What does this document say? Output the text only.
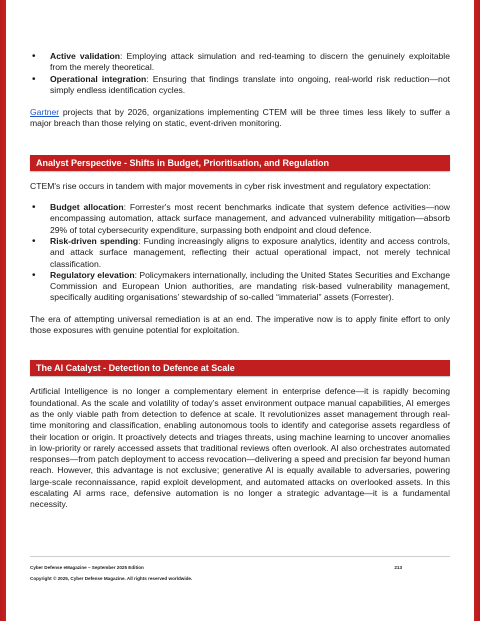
• Active validation: Employing attack simulation and red-teaming to discern the genuinely exploitable from the merely theoretical.
• Operational integration: Ensuring that findings translate into ongoing, real-world risk reduction—not simply endless identification cycles.

Gartner projects that by 2026, organizations implementing CTEM will be three times less likely to suffer a major breach than those relying on static, event-driven monitoring.

Analyst Perspective - Shifts in Budget, Prioritisation, and Regulation

CTEM's rise occurs in tandem with major movements in cyber risk investment and regulatory expectation:

• Budget allocation: Forrester's most recent benchmarks indicate that system defence activities—now encompassing automation, attack surface management, and advanced vulnerability mitigation—absorb 29% of total cybersecurity expenditure, surpassing both endpoint and cloud defence.
• Risk-driven spending: Funding increasingly aligns to exposure analytics, identity and access controls, and attack surface management, reflecting their actual operational impact, not merely technical classification.
• Regulatory elevation: Policymakers internationally, including the United States Securities and Exchange Commission and European Union authorities, are mandating risk-based vulnerability management, specifically auditing organisations’ stewardship of so-called “immaterial” assets (Forrester).

The era of attempting universal remediation is at an end. The imperative now is to apply finite effort to only those exposures with genuine potential for exploitation.

The AI Catalyst - Detection to Defence at Scale

Artificial Intelligence is no longer a complementary element in enterprise defence—it is rapidly becoming foundational. As the scale and volatility of today’s asset environment outpace manual capabilities, AI emerges as the only viable path from detection to defence at scale. It revolutionizes asset management through real-time monitoring and classification, enabling autonomous tools to identify and categorise assets regardless of their location or origin. It proactively detects and triages threats, using machine learning to uncover anomalies in low-priority or rarely accessed assets that traditional reviews often overlook. AI also orchestrates automated responses—from patch deployment to access revocation—delivering a speed and precision far beyond human reach. However, this advantage is not exclusive; generative AI is equally available to adversaries, powering large-scale reconnaissance, rapid exploit development, and automated attacks on overlooked assets. In this escalating AI arms race, defensive automation is no longer a strategic advantage—it is a fundamental necessity.

Cyber Defense eMagazine – September 2025 Edition	213
Copyright © 2025, Cyber Defense Magazine. All rights reserved worldwide.
